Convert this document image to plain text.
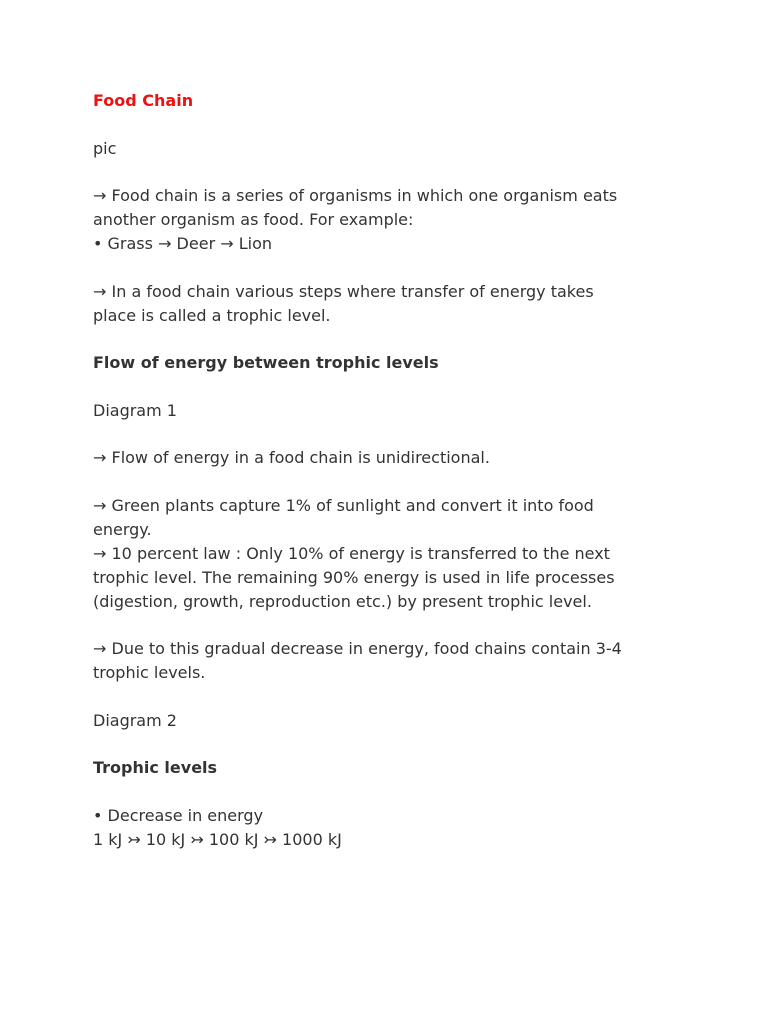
Food Chain
pic
→ Food chain is a series of organisms in which one organism eats
another organism as food. For example:
• Grass → Deer → Lion
→ In a food chain various steps where transfer of energy takes
place is called a trophic level.
Flow of energy between trophic levels
Diagram 1
→ Flow of energy in a food chain is unidirectional.
→ Green plants capture 1% of sunlight and convert it into food
energy.
→ 10 percent law : Only 10% of energy is transferred to the next
trophic level. The remaining 90% energy is used in life processes
(digestion, growth, reproduction etc.) by present trophic level.
→ Due to this gradual decrease in energy, food chains contain 3-4
trophic levels.
Diagram 2
Trophic levels
• Decrease in energy
1 kJ ↣ 10 kJ ↣ 100 kJ ↣ 1000 kJ
